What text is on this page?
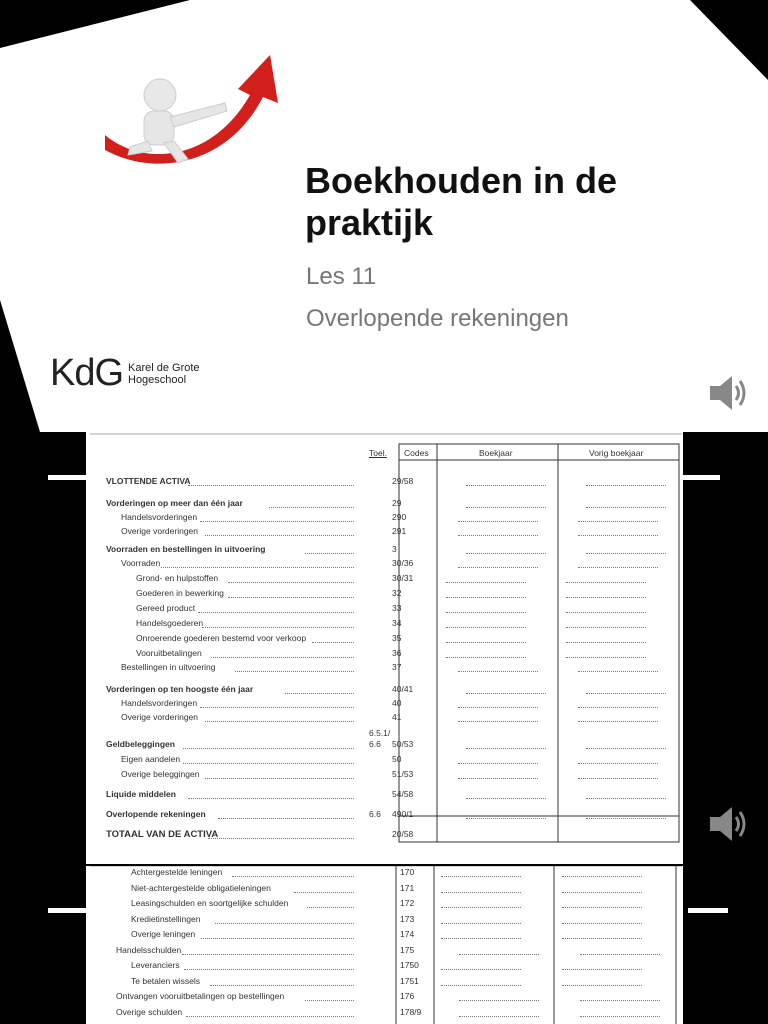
Boekhouden in de
praktijk
Les 11
Overlopende rekeningen
KdG Karel de Grote
Hogeschool
Toel. Codes	Boekjaar	Vorig boekjaar
6.5.1/
VLOTTENDE ACTIVA	29/58
Vorderingen op meer dan één jaar	29
Handelsvorderingen	290
Overige vorderingen	291
Voorraden en bestellingen in uitvoering	3
Voorraden	30/36
Grond- en hulpstoffen	30/31
Goederen in bewerking	32
Gereed product	33
Handelsgoederen	34
Onroerende goederen bestemd voor verkoop	35
Vooruitbetalingen	36
Bestellingen in uitvoering	37
Vorderingen op ten hoogste één jaar	40/41
Handelsvorderingen	40
Overige vorderingen	41
Geldbeleggingen	6.6 50/53
Eigen aandelen	50
Overige beleggingen	51/53
Liquide middelen	54/58
Overlopende rekeningen	6.6 490/1
TOTAAL VAN DE ACTIVA	20/58
Achtergestelde leningen	170
Niet-achtergestelde obligatieleningen	171
Leasingschulden en soortgelijke schulden	172
Kredietinstellingen	173
Overige leningen	174
Handelsschulden	175
Leveranciers	1750
Te betalen wissels	1751
Ontvangen vooruitbetalingen op bestellingen	176
Overige schulden	178/9
